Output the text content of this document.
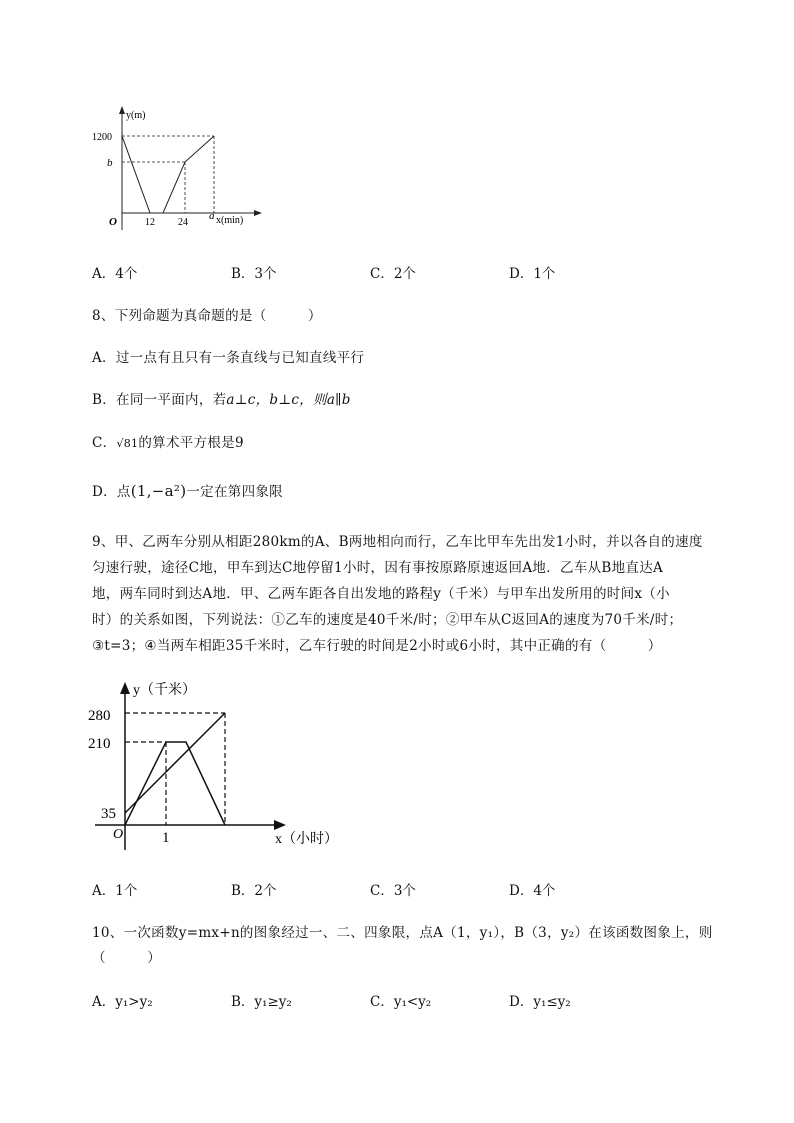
y(m)
1200
b
O	12 24
a x(min)
A．4个	B．3个	C．2个	D．1个
8、下列命题为真命题的是（　　　）
A．过一点有且只有一条直线与已知直线平行
B．在同一平面内，若a⊥c，b⊥c，则a∥b
C．√81的算术平方根是9
D．点(1,−a²)一定在第四象限
9、甲、乙两车分别从相距280km的A、B两地相向而行，乙车比甲车先出发1小时，并以各自的速度
匀速行驶，途径C地，甲车到达C地停留1小时，因有事按原路原速返回A地．乙车从B地直达A
地，两车同时到达A地．甲、乙两车距各自出发地的路程y（千米）与甲车出发所用的时间x（小
时）的关系如图，下列说法：①乙车的速度是40千米/时；②甲车从C返回A的速度为70千米/时；
③t=3；④当两车相距35千米时，乙车行驶的时间是2小时或6小时，其中正确的有（　　　）
y（千米）
280
210
35
O	1	x（小时）
A．1个	B．2个	C．3个	D．4个
10、一次函数y=mx+n的图象经过一、二、四象限，点A（1，y₁），B（3，y₂）在该函数图象上，则
（　　　）
A．y₁>y₂	B．y₁≥y₂	C．y₁<y₂	D．y₁≤y₂
